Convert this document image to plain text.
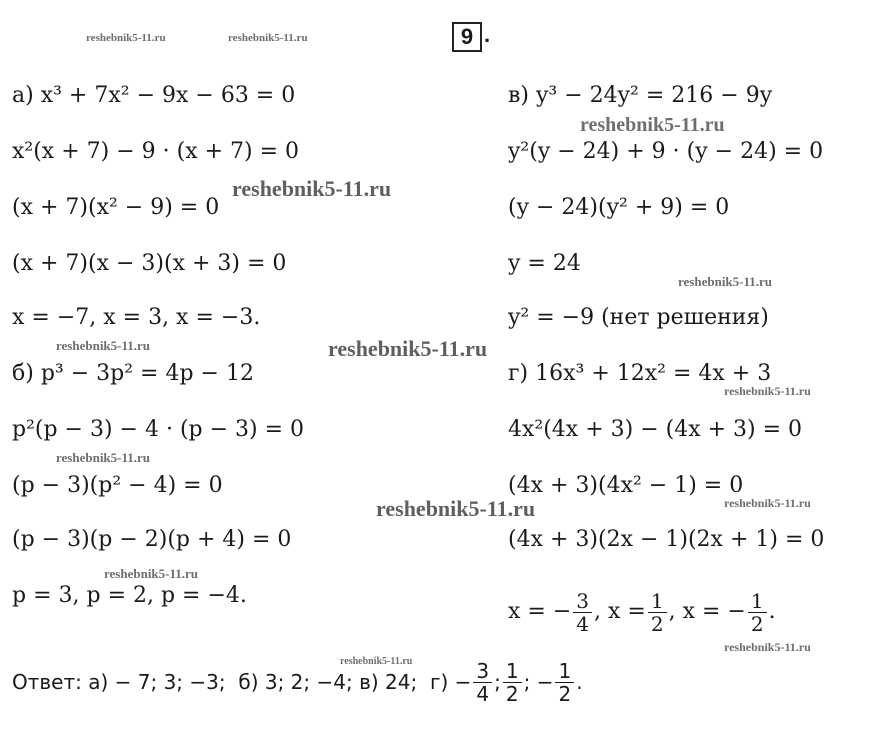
9 .
reshebnik5-11.ru	reshebnik5-11.ru
reshebnik5-11.ru
reshebnik5-11.ru
reshebnik5-11.ru
reshebnik5-11.ru	reshebnik5-11.ru
reshebnik5-11.ru
reshebnik5-11.ru
reshebnik5-11.ru
reshebnik5-11.ru
reshebnik5-11.ru
reshebnik5-11.ru
reshebnik5-11.ru
а) x³ + 7x² − 9x − 63 = 0
x²(x + 7) − 9 · (x + 7) = 0
(x + 7)(x² − 9) = 0
(x + 7)(x − 3)(x + 3) = 0
x = −7, x = 3, x = −3.
б) p³ − 3p² = 4p − 12
p²(p − 3) − 4 · (p − 3) = 0
(p − 3)(p² − 4) = 0
(p − 3)(p − 2)(p + 4) = 0
p = 3, p = 2, p = −4.
в) y³ − 24y² = 216 − 9y
y²(y − 24) + 9 · (y − 24) = 0
(y − 24)(y² + 9) = 0
y = 24
y² = −9 (нет решения)
г) 16x³ + 12x² = 4x + 3
4x²(4x + 3) − (4x + 3) = 0
(4x + 3)(4x² − 1) = 0
(4x + 3)(2x − 1)(2x + 1) = 0
x =
− $\frac{3}{4}$ , $x = \frac{1}{2}$ , x = − $\frac{1}{2}$ .
Ответ:
а) − 7; 3; −3;
б) 3; 2; −4;
в) 24;
$г) - \frac{3}{4}$ ; $\frac{1}{2}$ ; − $\frac{1}{2}$ .
